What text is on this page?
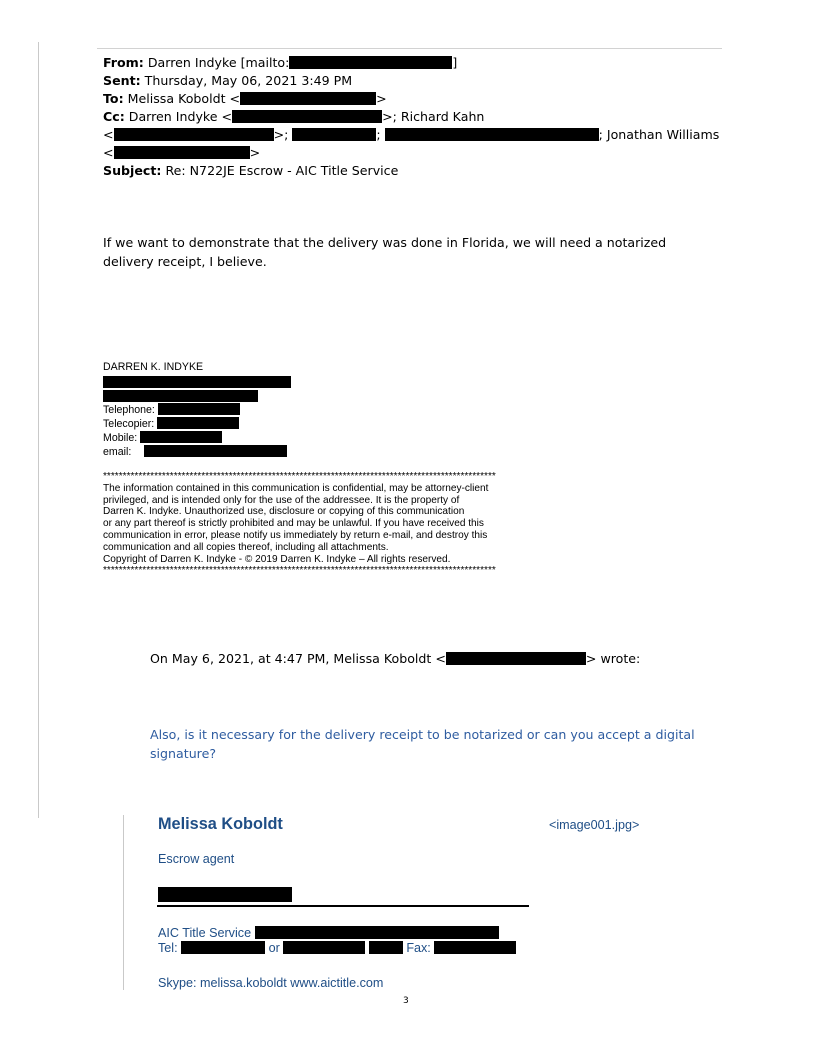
From: Darren Indyke [mailto:	]
Sent: Thursday, May 06, 2021 3:49 PM
To: Melissa Koboldt <	>
Cc: Darren Indyke <	>; Richard Kahn
<	>;	;	; Jonathan Williams
<	>
Subject: Re: N722JE Escrow - AIC Title Service
If we want to demonstrate that the delivery was done in Florida, we will need a notarized delivery receipt, I believe.
DARREN K. INDYKE
Telephone:
Telecopier:
Mobile:
email:
****************************************************************************************************
The information contained in this communication is confidential, may be attorney-client
privileged, and is intended only for the use of the addressee. It is the property of
Darren K. Indyke. Unauthorized use, disclosure or copying of this communication
or any part thereof is strictly prohibited and may be unlawful. If you have received this
communication in error, please notify us immediately by return e-mail, and destroy this
communication and all copies thereof, including all attachments.
Copyright of Darren K. Indyke - © 2019 Darren K. Indyke – All rights reserved.
****************************************************************************************************
On May 6, 2021, at 4:47 PM, Melissa Koboldt <	> wrote:
Also, is it necessary for the delivery receipt to be notarized or can you accept a digital signature?
Melissa Koboldt	<image001.jpg>
Escrow agent
AIC Title Service
Tel:	or	Fax:
Skype: melissa.koboldt www.aictitle.com
3
